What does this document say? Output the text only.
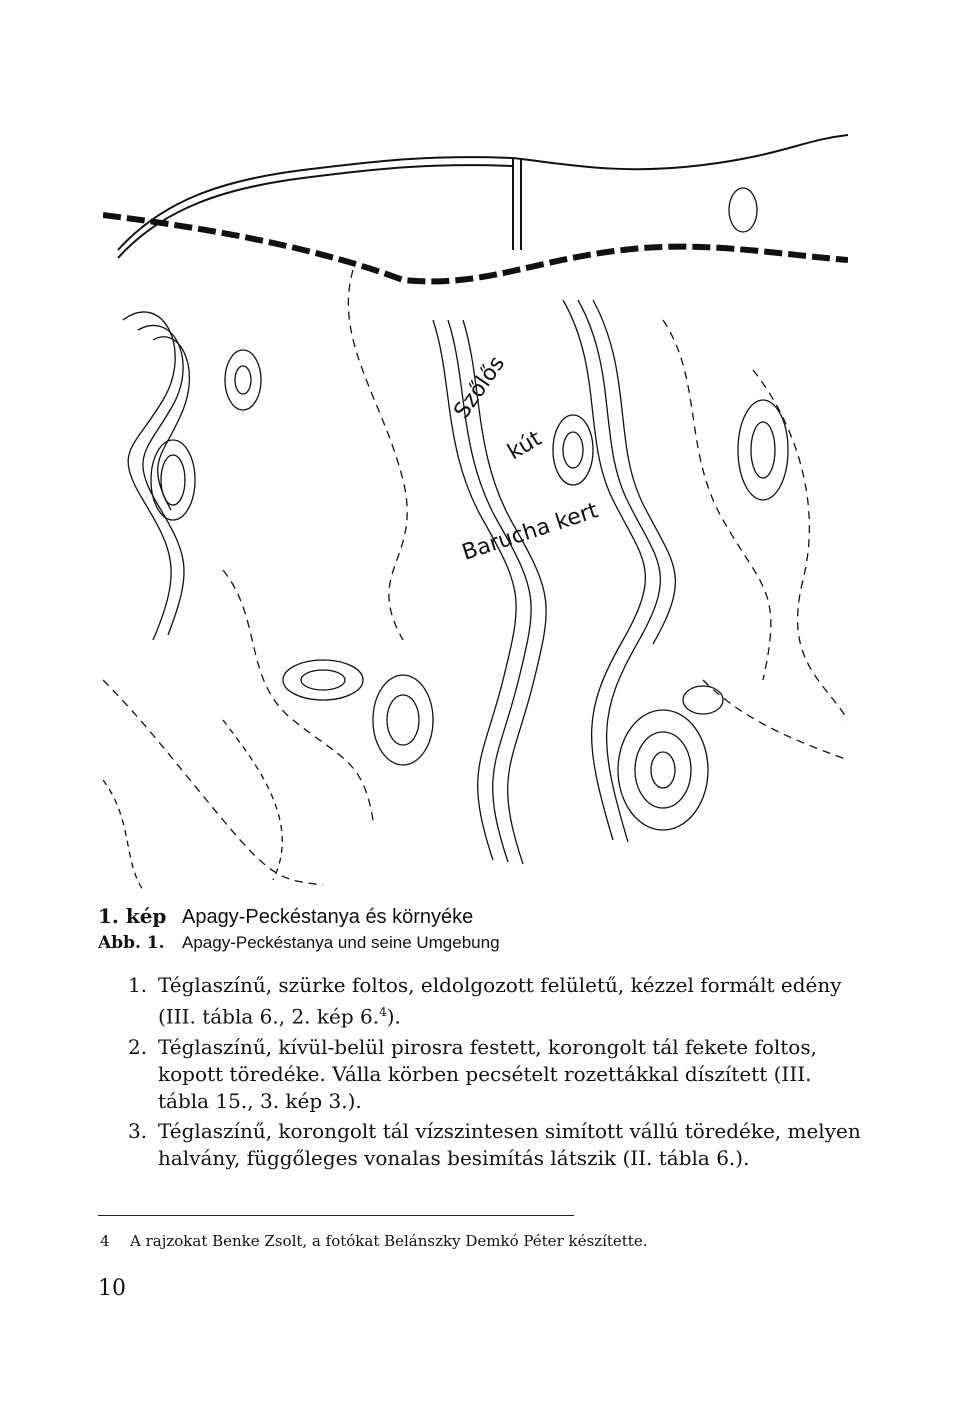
Szőlős
kút
Barucha kert
1. kép Apagy-Peckéstanya és környéke
Abb. 1. Apagy-Peckéstanya und seine Umgebung
1. Téglaszínű, szürke foltos, eldolgozott felületű, kézzel formált edény (III. tábla 6., 2. kép 6.$^4$).
2. Téglaszínű, kívül-belül pirosra festett, korongolt tál fekete foltos, kopott töredéke. Válla körben pecsételt rozettákkal díszített (III. tábla 15., 3. kép 3.).
3. Téglaszínű, korongolt tál vízszintesen simított vállú töredéke, melyen halvány, függőleges vonalas besimítás látszik (II. tábla 6.).
4 A rajzokat Benke Zsolt, a fotókat Belánszky Demkó Péter készítette.
10
